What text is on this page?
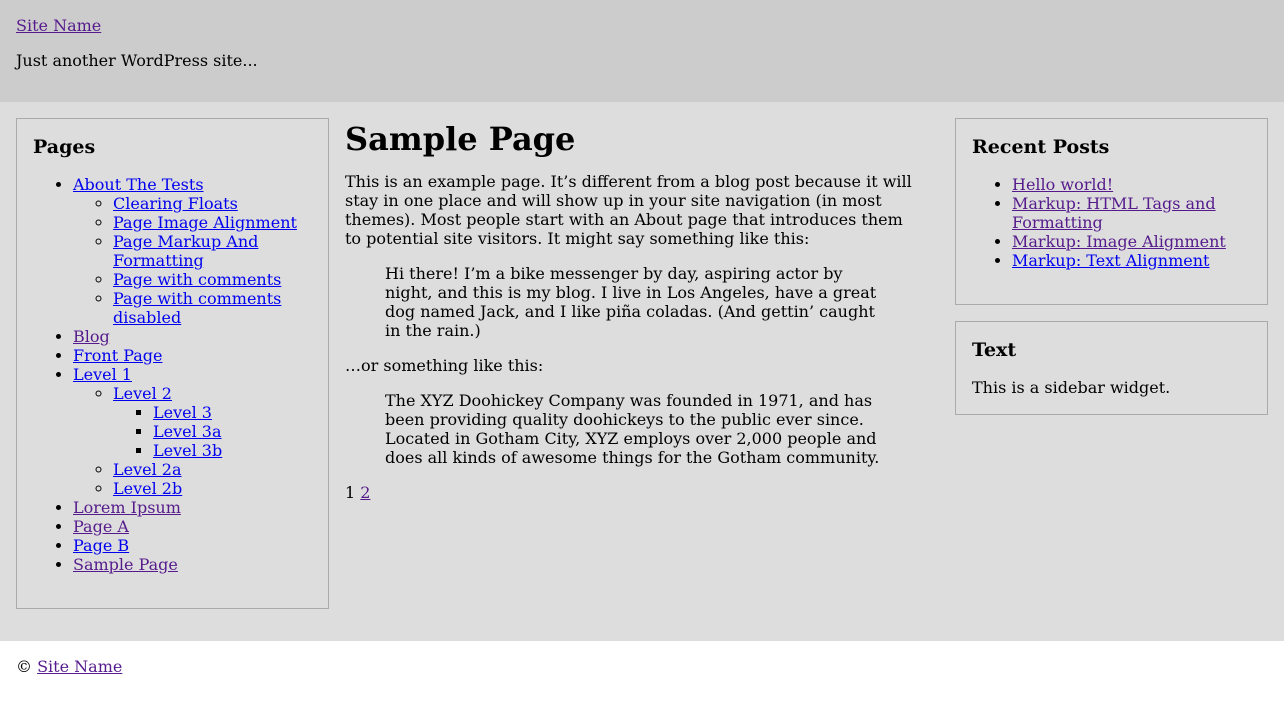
Site Name

Just another WordPress site...

Pages
• About The Tests
◦ Clearing Floats
◦ Page Image Alignment
◦ Page Markup And Formatting
◦ Page with comments
◦ Page with comments disabled
• Blog
• Front Page
• Level 1
◦ Level 2
▪ Level 3
▪ Level 3a
▪ Level 3b
◦ Level 2a
◦ Level 2b
• Lorem Ipsum
• Page A
• Page B
• Sample Page
Sample Page

This is an example page. It’s different from a blog post because it will stay in one place and will show up in your site navigation (in most themes). Most people start with an About page that introduces them to potential site visitors. It might say something like this:

Hi there! I’m a bike messenger by day, aspiring actor by night, and this is my blog. I live in Los Angeles, have a great dog named Jack, and I like piña coladas. (And gettin’ caught in the rain.)

…or something like this:

The XYZ Doohickey Company was founded in 1971, and has been providing quality doohickeys to the public ever since. Located in Gotham City, XYZ employs over 2,000 people and does all kinds of awesome things for the Gotham community.

1 2

Recent Posts
• Hello world!
• Markup: HTML Tags and Formatting
• Markup: Image Alignment
• Markup: Text Alignment
Text

This is a sidebar widget.

© Site Name
